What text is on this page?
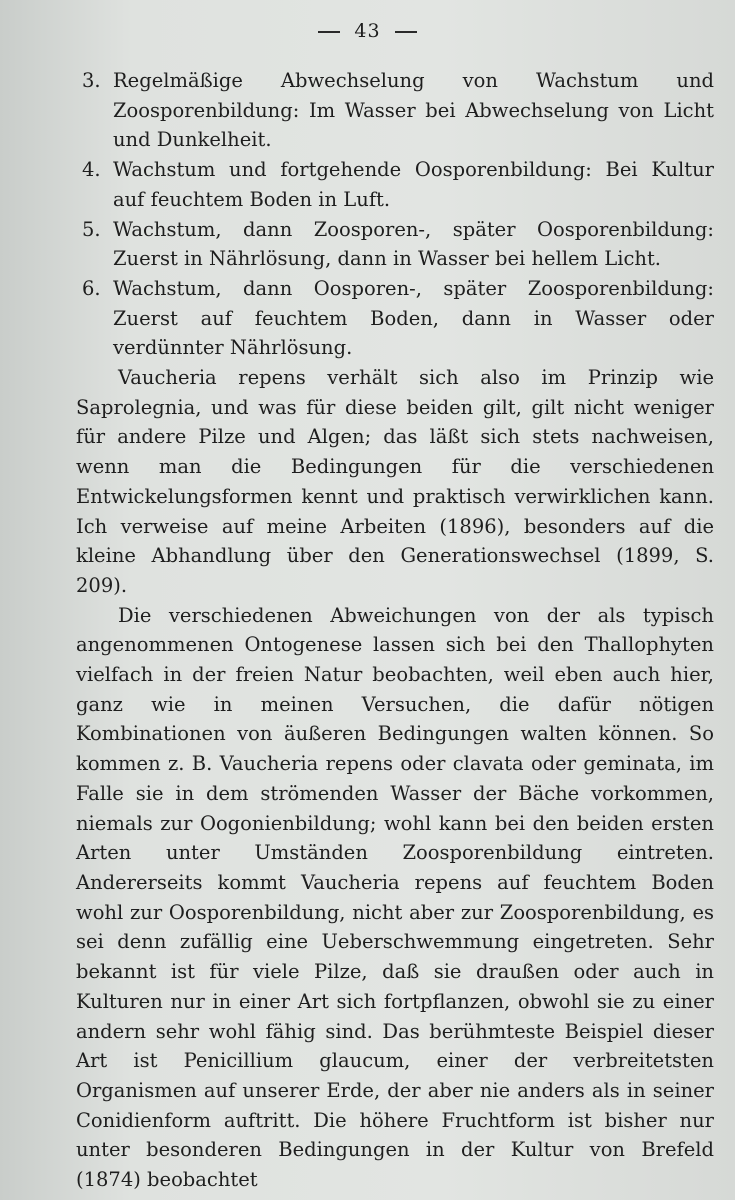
43
3. Regelmäßige Abwechselung von Wachstum und Zoosporenbildung: Im Wasser bei Abwechselung von Licht und Dunkelheit.
4. Wachstum und fortgehende Oosporenbildung: Bei Kultur auf feuchtem Boden in Luft.
5. Wachstum, dann Zoosporen-, später Oosporenbildung: Zuerst in Nährlösung, dann in Wasser bei hellem Licht.
6. Wachstum, dann Oosporen-, später Zoosporenbildung: Zuerst auf feuchtem Boden, dann in Wasser oder verdünnter Nährlösung.

Vaucheria repens verhält sich also im Prinzip wie Saprolegnia, und was für diese beiden gilt, gilt nicht weniger für andere Pilze und Algen; das läßt sich stets nachweisen, wenn man die Bedingungen für die verschiedenen Entwickelungsformen kennt und praktisch verwirklichen kann. Ich verweise auf meine Arbeiten (1896), besonders auf die kleine Abhandlung über den Generationswechsel (1899, S. 209).

Die verschiedenen Abweichungen von der als typisch angenommenen Ontogenese lassen sich bei den Thallophyten vielfach in der freien Natur beobachten, weil eben auch hier, ganz wie in meinen Versuchen, die dafür nötigen Kombinationen von äußeren Bedingungen walten können. So kommen z. B. Vaucheria repens oder clavata oder geminata, im Falle sie in dem strömenden Wasser der Bäche vorkommen, niemals zur Oogonienbildung; wohl kann bei den beiden ersten Arten unter Umständen Zoosporenbildung eintreten. Andererseits kommt Vaucheria repens auf feuchtem Boden wohl zur Oosporenbildung, nicht aber zur Zoosporenbildung, es sei denn zufällig eine Ueberschwemmung eingetreten. Sehr bekannt ist für viele Pilze, daß sie draußen oder auch in Kulturen nur in einer Art sich fortpflanzen, obwohl sie zu einer andern sehr wohl fähig sind. Das berühmteste Beispiel dieser Art ist Penicillium glaucum, einer der verbreitetsten Organismen auf unserer Erde, der aber nie anders als in seiner Conidienform auftritt. Die höhere Fruchtform ist bisher nur unter besonderen Bedingungen in der Kultur von Brefeld (1874) beobachtet
